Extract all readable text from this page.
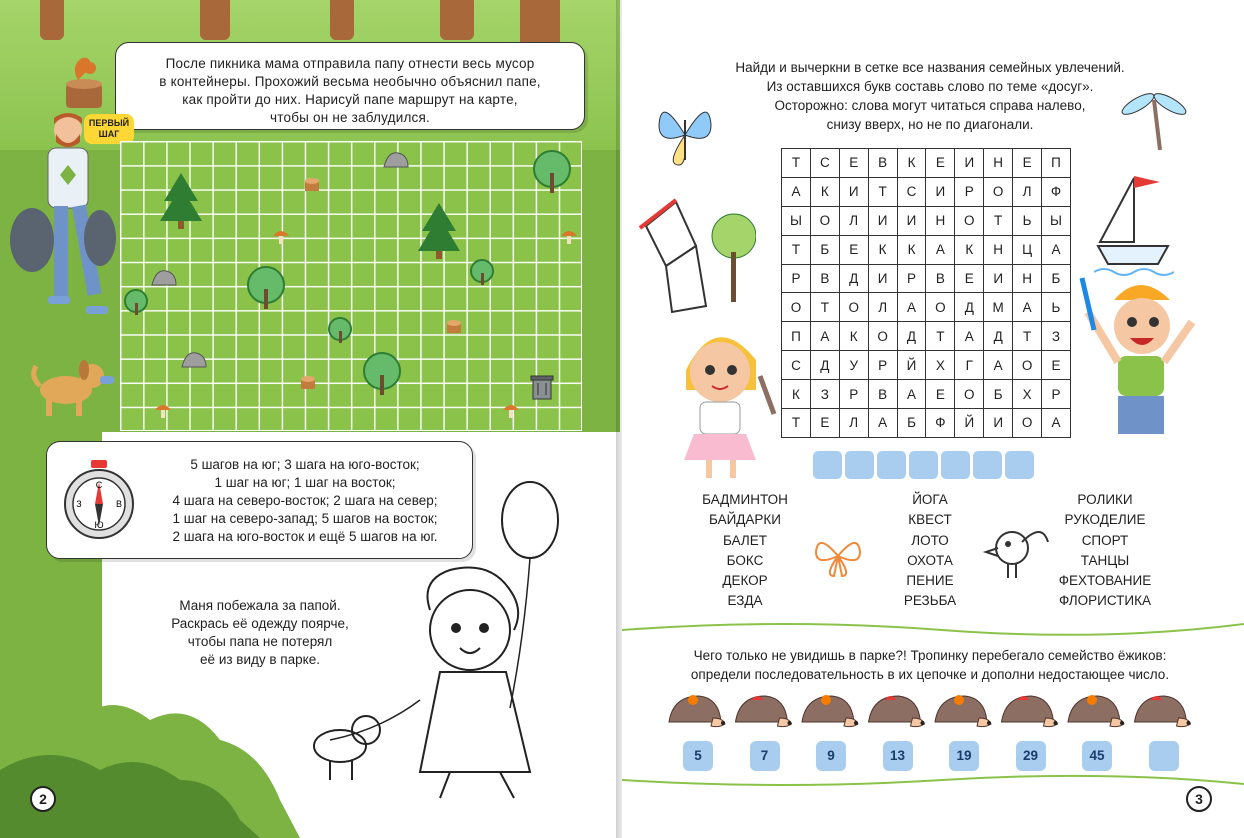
После пикника мама отправила папу отнести весь мусор
в контейнеры. Прохожий весьма необычно объяснил папе,
как пройти до них. Нарисуй папе маршрут на карте,
чтобы он не заблудился.
ПЕРВЫЙ
ШАГ
С
Ю
З	В
5 шагов на юг; 3 шага на юго-восток;
1 шаг на юг; 1 шаг на восток;
4 шага на северо-восток; 2 шага на север;
1 шаг на северо-запад; 5 шагов на восток;
2 шага на юго-восток и ещё 5 шагов на юг.
Маня побежала за папой.
Раскрась её одежду поярче,
чтобы папа не потерял
её из виду в парке.
2
Найди и вычеркни в сетке все названия семейных увлечений.
Из оставшихся букв составь слово по теме «досуг».
Осторожно: слова могут читаться справа налево,
снизу вверх, но не по диагонали.
Т	С	Е	В	К	Е	И	Н	Е	П
А	К	И	Т	С	И	Р	О	Л	Ф
Ы	О	Л	И	И	Н	О	Т	Ь	Ы
Т	Б	Е	К	К	А	К	Н	Ц	А
Р	В	Д	И	Р	В	Е	И	Н	Б
О	Т	О	Л	А	О	Д	М	А	Ь
П	А	К	О	Д	Т	А	Д	Т	З
С	Д	У	Р	Й	Х	Г	А	О	Е
К	З	Р	В	А	Е	О	Б	Х	Р
Т	Е	Л	А	Б	Ф	Й	И	О	А
БАДМИНТОН
БАЙДАРКИ
БАЛЕТ
БОКС
ДЕКОР
ЕЗДА
ЙОГА
КВЕСТ
ЛОТО
ОХОТА
ПЕНИЕ
РЕЗЬБА
РОЛИКИ
РУКОДЕЛИЕ
СПОРТ
ТАНЦЫ
ФЕХТОВАНИЕ
ФЛОРИСТИКА
Чего только не увидишь в парке?! Тропинку перебегало семейство ёжиков:
определи последовательность в их цепочке и дополни недостающее число.
5	7	9	13	19	29	45
3
